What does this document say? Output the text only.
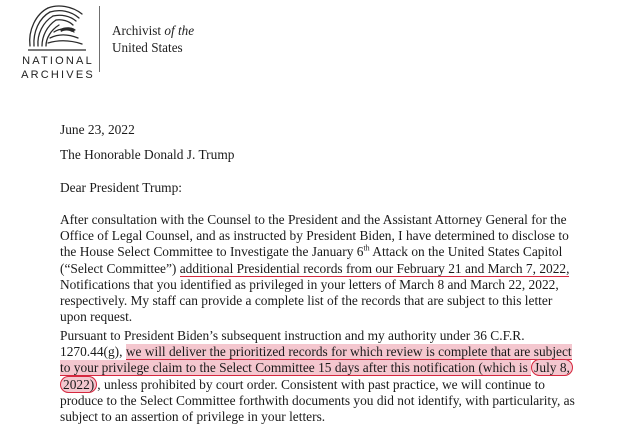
NATIONAL
ARCHIVES
Archivist of the
United States

June 23, 2022

The Honorable Donald J. Trump

Dear President Trump:

After consultation with the Counsel to the President and the Assistant Attorney General for the
Office of Legal Counsel, and as instructed by President Biden, I have determined to disclose to
the House Select Committee to Investigate the January 6th Attack on the United States Capitol
(“Select Committee”) additional Presidential records from our February 21 and March 7, 2022,
Notifications that you identified as privileged in your letters of March 8 and March 22, 2022,
respectively. My staff can provide a complete list of the records that are subject to this letter
upon request.
Pursuant to President Biden’s subsequent instruction and my authority under 36 C.F.R.
1270.44(g), we will deliver the prioritized records for which review is complete that are subject
to your privilege claim to the Select Committee 15 days after this notification (which is July 8,
2022) , unless prohibited by court order. Consistent with past practice, we will continue to
produce to the Select Committee forthwith documents you did not identify, with particularity, as
subject to an assertion of privilege in your letters.
